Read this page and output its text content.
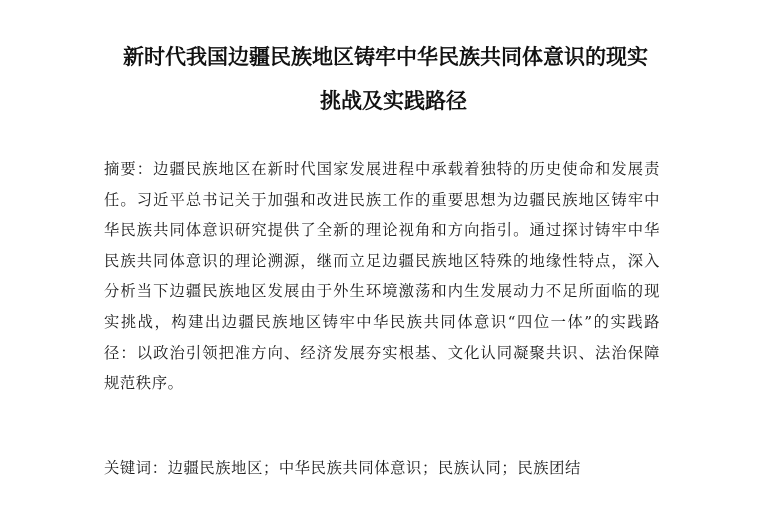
新时代我国边疆民族地区铸牢中华民族共同体意识的现实
挑战及实践路径

摘要：边疆民族地区在新时代国家发展进程中承载着独特的历史使命和发展责任。习近平总书记关于加强和改进民族工作的重要思想为边疆民族地区铸牢中华民族共同体意识研究提供了全新的理论视角和方向指引。通过探讨铸牢中华民族共同体意识的理论溯源，继而立足边疆民族地区特殊的地缘性特点，深入分析当下边疆民族地区发展由于外生环境激荡和内生发展动力不足所面临的现实挑战，构建出边疆民族地区铸牢中华民族共同体意识“四位一体”的实践路径：以政治引领把准方向、经济发展夯实根基、文化认同凝聚共识、法治保障规范秩序。

关键词：边疆民族地区；中华民族共同体意识；民族认同；民族团结
